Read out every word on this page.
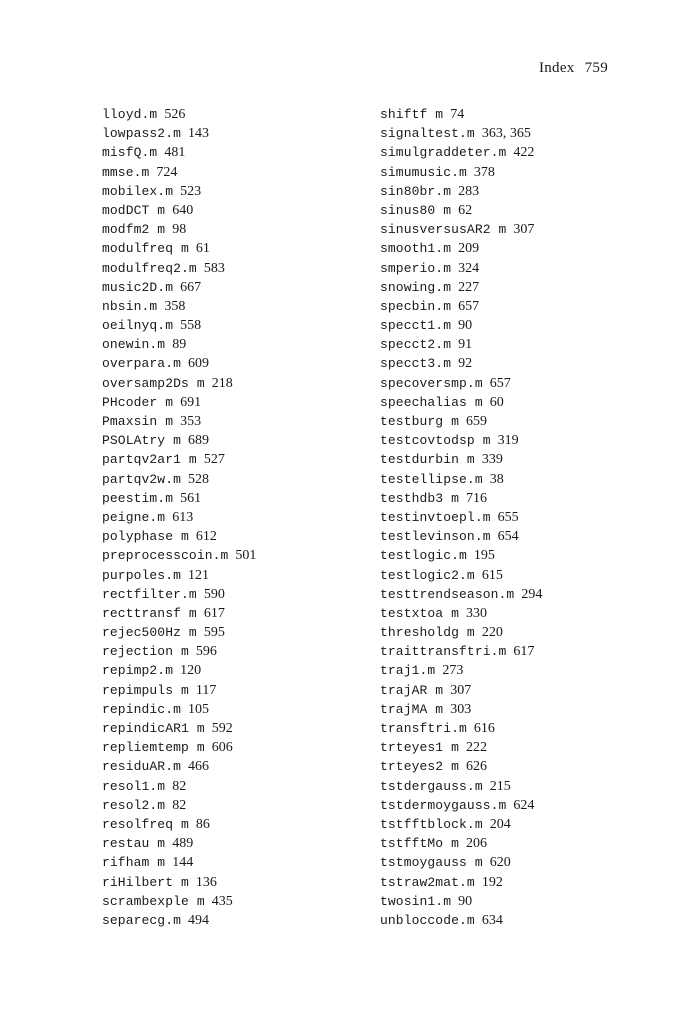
Index 759
lloyd.m 526
lowpass2.m 143
misfQ.m 481
mmse.m 724
mobilex.m 523
modDCT m 640
modfm2 m 98
modulfreq m 61
modulfreq2.m 583
music2D.m 667
nbsin.m 358
oeilnyq.m 558
onewin.m 89
overpara.m 609
oversamp2Ds m 218
PHcoder m 691
Pmaxsin m 353
PSOLAtry m 689
partqv2ar1 m 527
partqv2w.m 528
peestim.m 561
peigne.m 613
polyphase m 612
preprocesscoin.m 501
purpoles.m 121
rectfilter.m 590
recttransf m 617
rejec500Hz m 595
rejection m 596
repimp2.m 120
repimpuls m 117
repindic.m 105
repindicAR1 m 592
repliemtemp m 606
residuAR.m 466
resol1.m 82
resol2.m 82
resolfreq m 86
restau m 489
rifham m 144
riHilbert m 136
scrambexple m 435
separecg.m 494
shiftf m 74
signaltest.m 363, 365
simulgraddeter.m 422
simumusic.m 378
sin80br.m 283
sinus80 m 62
sinusversusAR2 m 307
smooth1.m 209
smperio.m 324
snowing.m 227
specbin.m 657
specct1.m 90
specct2.m 91
specct3.m 92
specoversmp.m 657
speechalias m 60
testburg m 659
testcovtodsp m 319
testdurbin m 339
testellipse.m 38
testhdb3 m 716
testinvtoepl.m 655
testlevinson.m 654
testlogic.m 195
testlogic2.m 615
testtrendseason.m 294
testxtoa m 330
thresholdg m 220
traittransftri.m 617
traj1.m 273
trajAR m 307
trajMA m 303
transftri.m 616
trteyes1 m 222
trteyes2 m 626
tstdergauss.m 215
tstdermoygauss.m 624
tstfftblock.m 204
tstfftMo m 206
tstmoygauss m 620
tstraw2mat.m 192
twosin1.m 90
unbloccode.m 634
